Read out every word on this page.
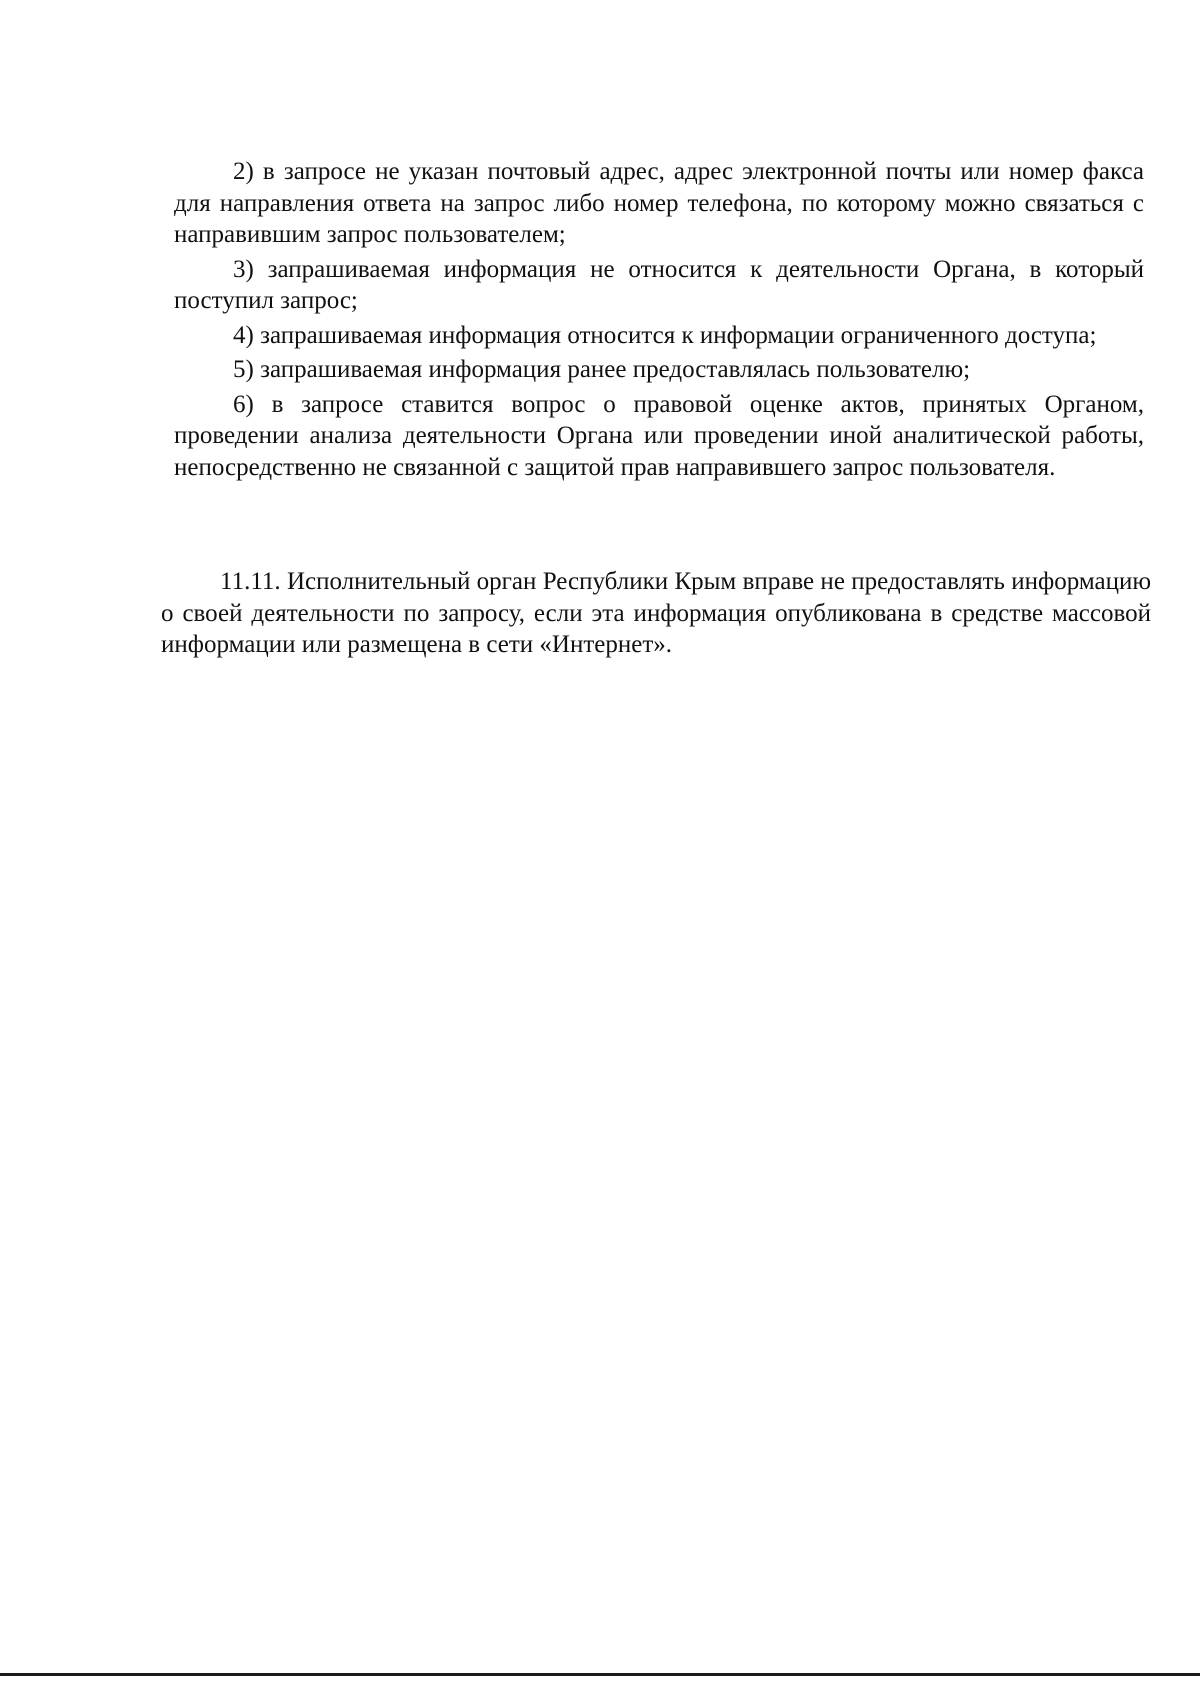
2) в запросе не указан почтовый адрес, адрес электронной почты или номер факса для направления ответа на запрос либо номер телефона, по которому можно связаться с направившим запрос пользователем;

3) запрашиваемая информация не относится к деятельности Органа, в который поступил запрос;

4) запрашиваемая информация относится к информации ограниченного доступа;

5) запрашиваемая информация ранее предоставлялась пользователю;

6) в запросе ставится вопрос о правовой оценке актов, принятых Органом, проведении анализа деятельности Органа или проведении иной аналитической работы, непосредственно не связанной с защитой прав направившего запрос пользователя.

11.11. Исполнительный орган Республики Крым вправе не предоставлять информацию о своей деятельности по запросу, если эта информация опубликована в средстве массовой информации или размещена в сети «Интернет».
